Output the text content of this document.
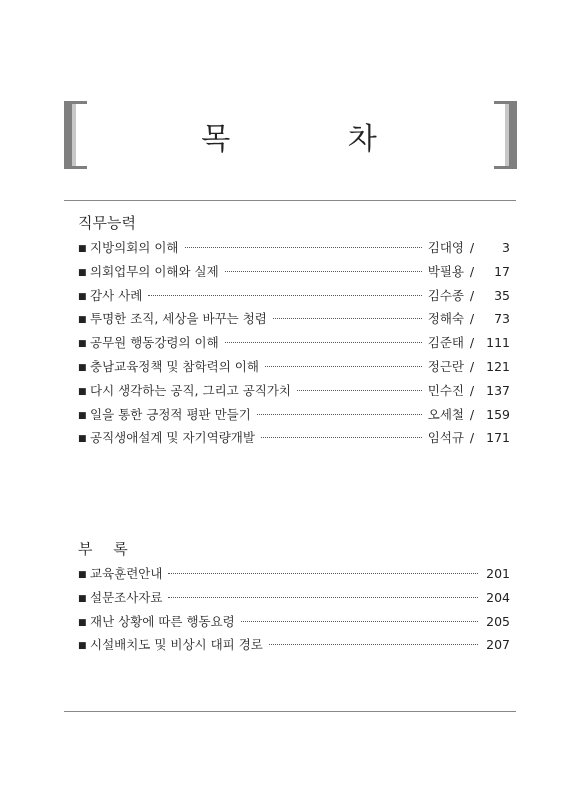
목 차
직무능력
■ 지방의회의 이해	김대영 /	3
■ 의회업무의 이해와 실제	박필용 /	17
■ 감사 사례	김수종 /	35
■ 투명한 조직, 세상을 바꾸는 청렴	정해숙 /	73
■ 공무원 행동강령의 이해	김준태 / 111
■ 충남교육정책 및 참학력의 이해	정근란 / 121
■ 다시 생각하는 공직, 그리고 공직가치	민수진 / 137
■ 일을 통한 긍정적 평판 만들기	오세철 / 159
■ 공직생애설계 및 자기역량개발	임석규 / 171
부 록
■ 교육훈련안내	201
■ 설문조사자료	204
■ 재난 상황에 따른 행동요령	205
■ 시설배치도 및 비상시 대피 경로	207
